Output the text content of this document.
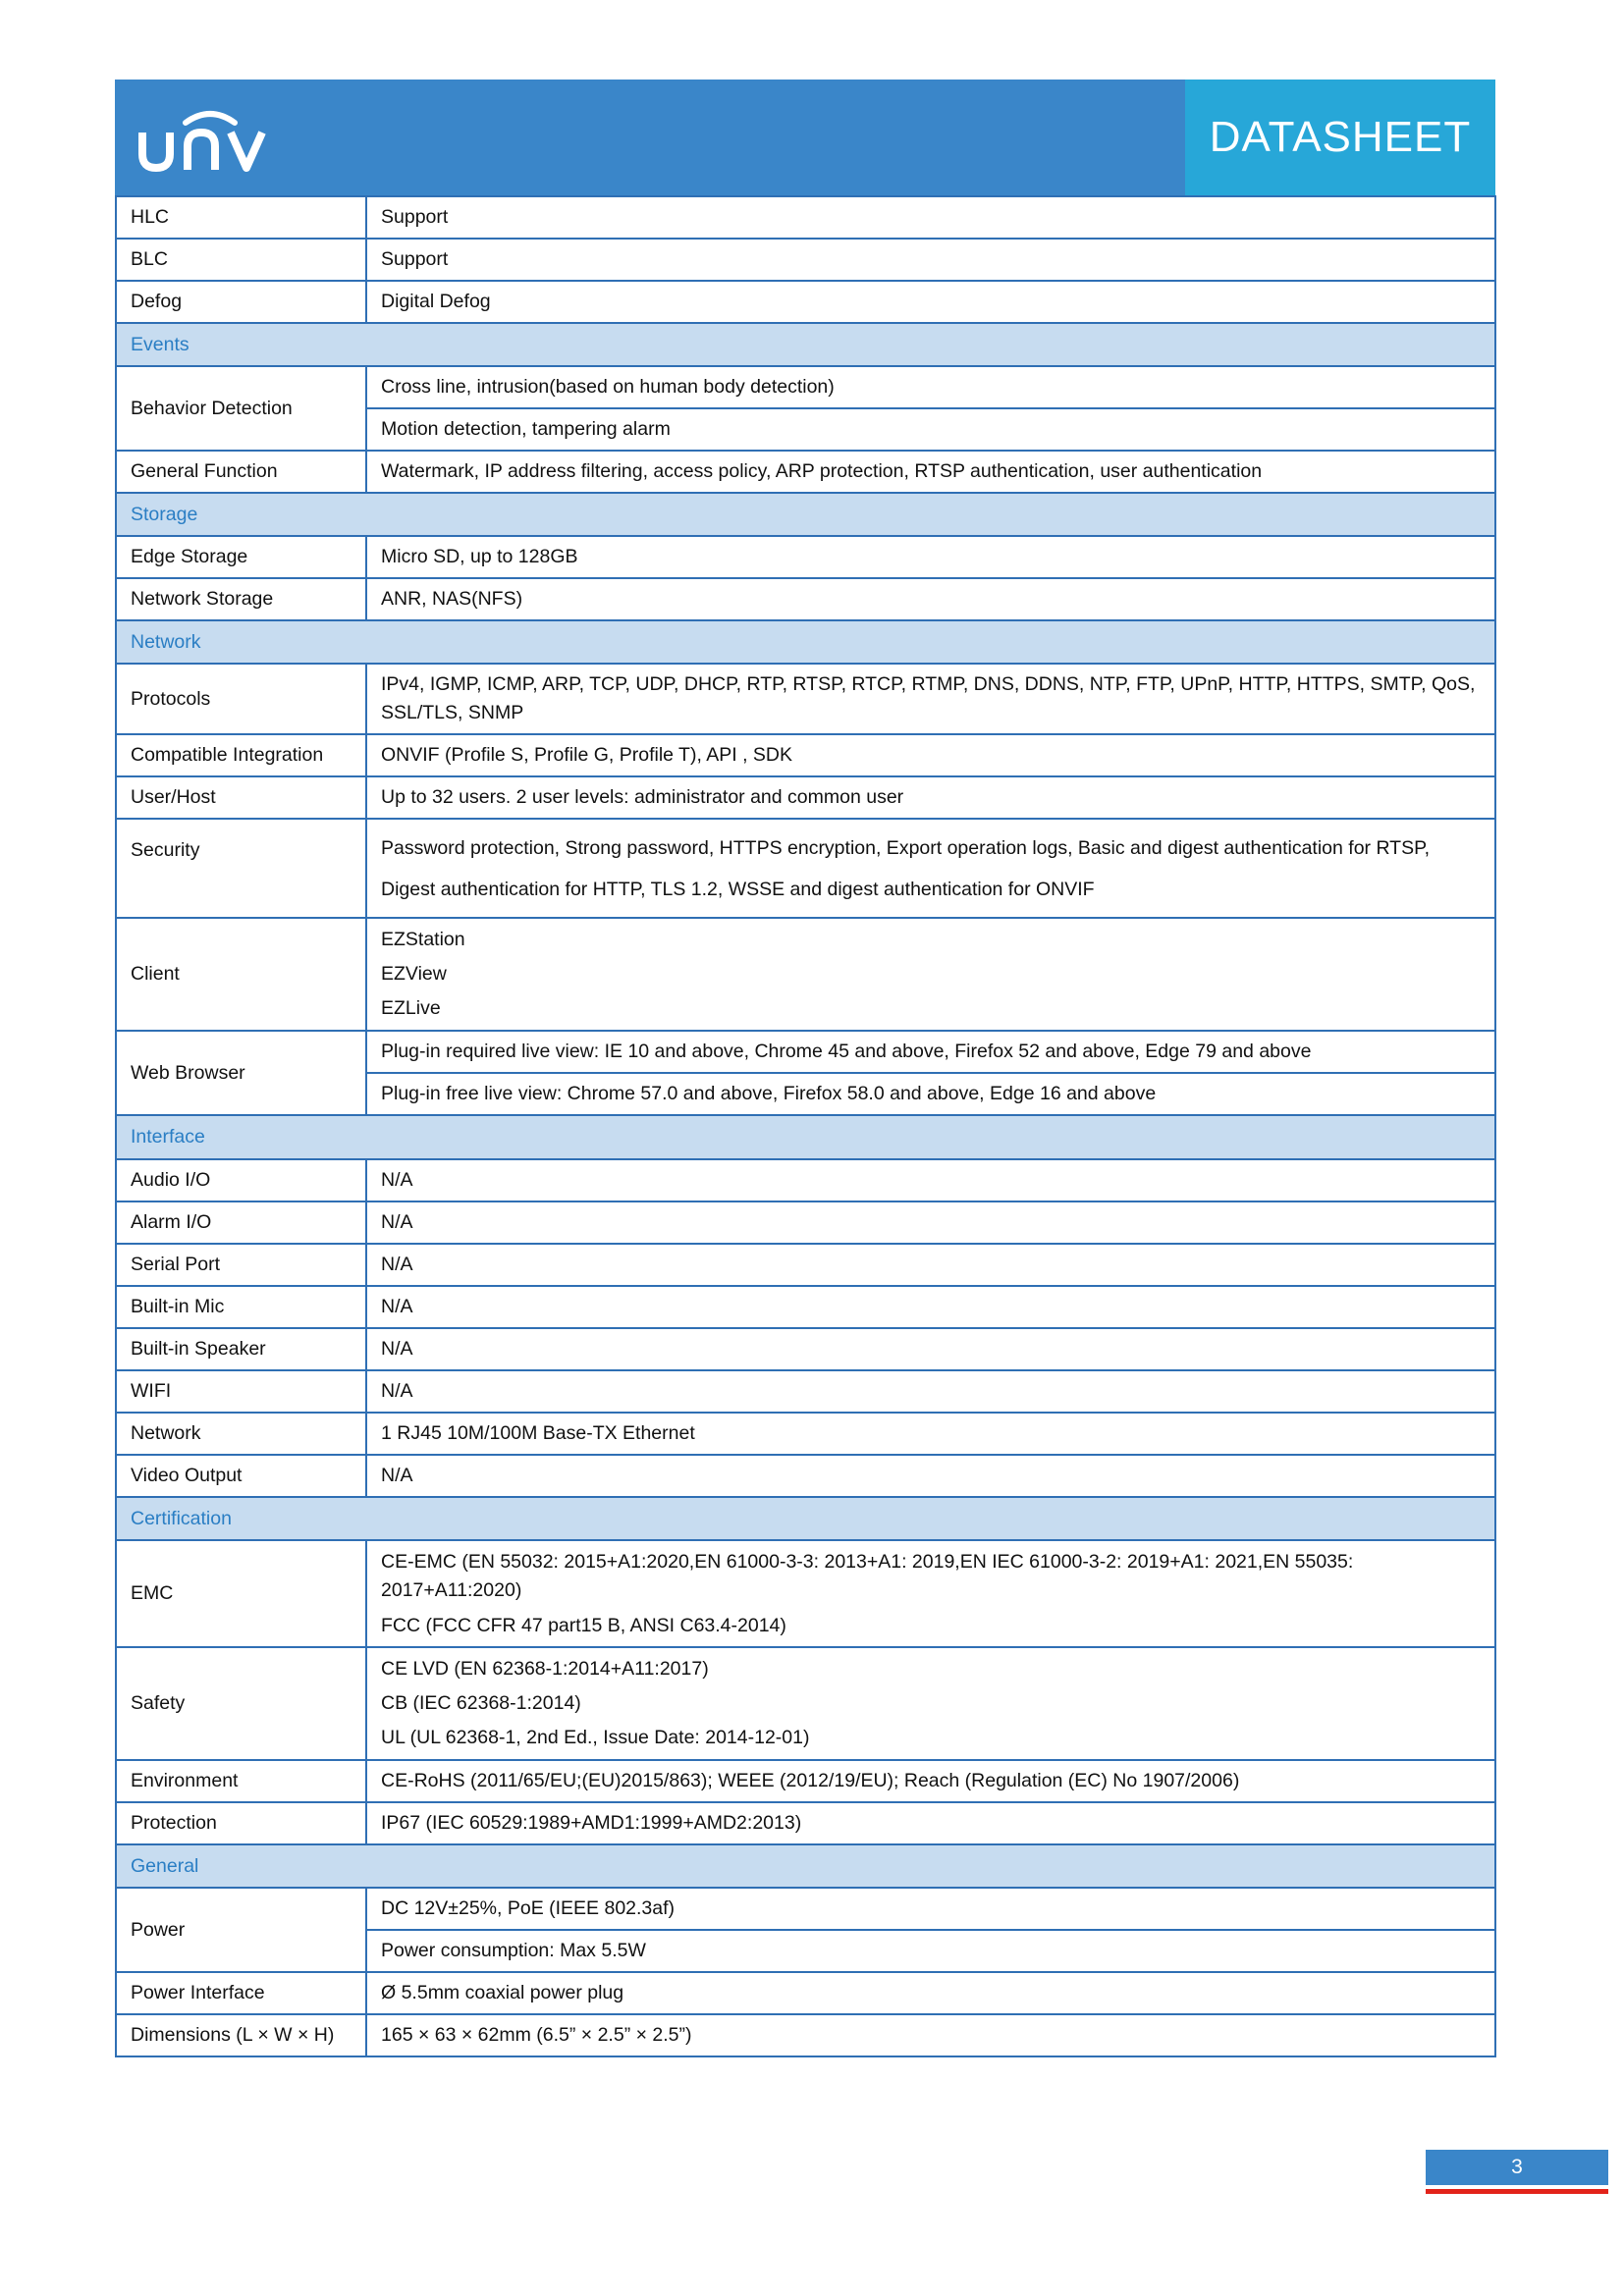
DATASHEET
HLC	Support
BLC	Support
Defog	Digital Defog
Events	
Behavior Detection	Cross line, intrusion(based on human body detection)
	Motion detection, tampering alarm
General Function	Watermark, IP address filtering, access policy, ARP protection, RTSP authentication, user authentication
Storage	
Edge Storage	Micro SD, up to 128GB
Network Storage	ANR, NAS(NFS)
Network	
Protocols	IPv4, IGMP, ICMP, ARP, TCP, UDP, DHCP, RTP, RTSP, RTCP, RTMP, DNS, DDNS, NTP, FTP, UPnP, HTTP, HTTPS, SMTP, QoS,
SSL/TLS, SNMP

Compatible Integration	ONVIF (Profile S, Profile G, Profile T), API , SDK
User/Host	Up to 32 users. 2 user levels: administrator and common user
Security	Password protection, Strong password, HTTPS encryption, Export operation logs, Basic and digest authentication for RTSP,
Digest authentication for HTTP, TLS 1.2, WSSE and digest authentication for ONVIF

Client	EZStation
EZView
EZLive

Web Browser	Plug-in required live view: IE 10 and above, Chrome 45 and above, Firefox 52 and above, Edge 79 and above
	Plug-in free live view: Chrome 57.0 and above, Firefox 58.0 and above, Edge 16 and above
Interface	
Audio I/O	N/A
Alarm I/O	N/A
Serial Port	N/A
Built-in Mic	N/A
Built-in Speaker	N/A
WIFI	N/A
Network	1 RJ45 10M/100M Base-TX Ethernet
Video Output	N/A
Certification	
EMC	CE-EMC (EN 55032: 2015+A1:2020,EN 61000-3-3: 2013+A1: 2019,EN IEC 61000-3-2: 2019+A1: 2021,EN 55035:
2017+A11:2020)
FCC (FCC CFR 47 part15 B, ANSI C63.4-2014)

Safety	CE LVD (EN 62368-1:2014+A11:2017)
CB (IEC 62368-1:2014)
UL (UL 62368-1, 2nd Ed., Issue Date: 2014-12-01)

Environment	CE-RoHS (2011/65/EU;(EU)2015/863); WEEE (2012/19/EU); Reach (Regulation (EC) No 1907/2006)
Protection	IP67 (IEC 60529:1989+AMD1:1999+AMD2:2013)
General	
Power	DC 12V±25%, PoE (IEEE 802.3af)
	Power consumption: Max 5.5W
Power Interface	Ø 5.5mm coaxial power plug
Dimensions (L × W × H)	165 × 63 × 62mm (6.5” × 2.5” × 2.5”)
3
